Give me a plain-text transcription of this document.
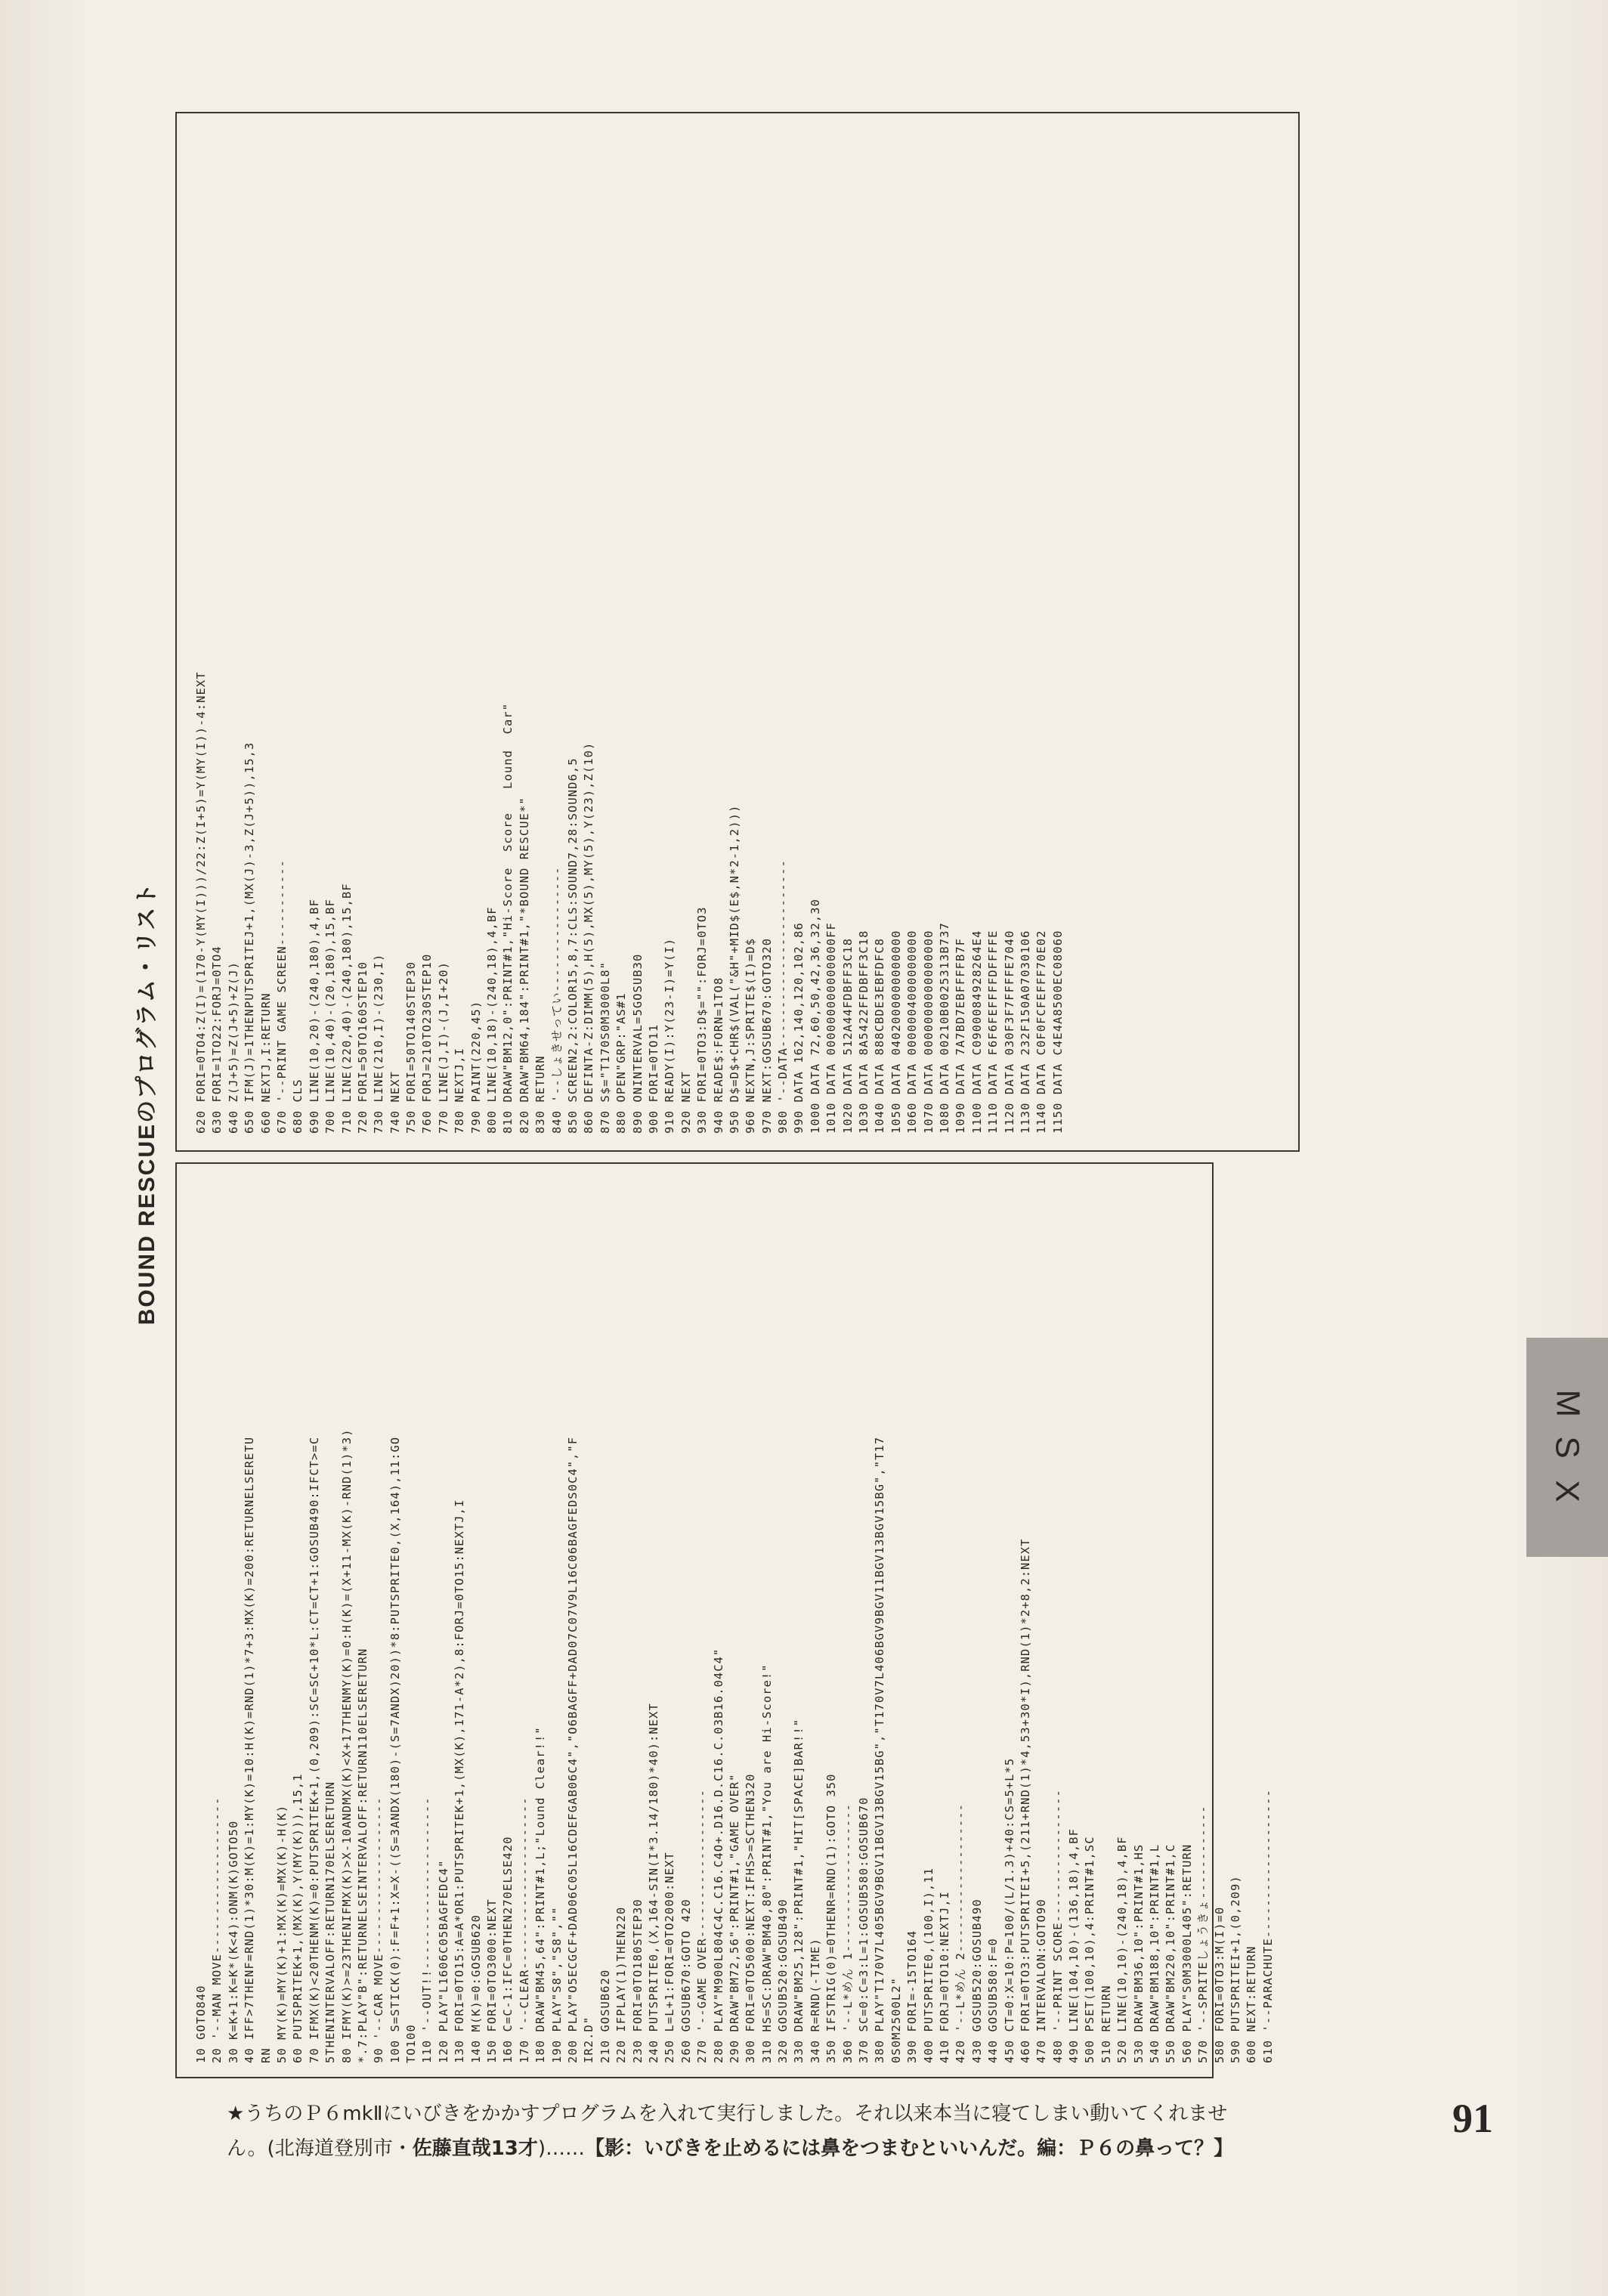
BOUND RESCUEのプログラム・リスト	620 FORI=0TO4:Z(I)=(170-Y(MY(I)))/22:Z(I+5)=Y(MY(I))-4:NEXT 630 FORI=1TO22:FORJ=0TO4 640 Z(J+5)=Z(J+5)+Z(J) 650 IFM(J)=1THENPUTSPRITEJ+1,(MX(J)-3,Z(J+5)),15,3 660 NEXTJ,I:RETURN 670 '--PRINT GAME SCREEN----------- 680 CLS 690 LINE(10,20)-(240,180),4,BF 700 LINE(10,40)-(20,180),15,BF 710 LINE(220,40)-(240,180),15,BF 720 FORI=50TO160STEP10 730 LINE(210,I)-(230,I) 740 NEXT 750 FORI=50TO140STEP30 760 FORJ=210TO230STEP10 770 LINE(J,I)-(J,I+20) 780 NEXTJ,I 790 PAINT(220,45) 800 LINE(10,18)-(240,18),4,BF 810 DRAW"BM12,0":PRINT#1,"Hi-Score  Score   Lound  Car" 820 DRAW"BM64,184":PRINT#1,"*BOUND RESCUE*" 830 RETURN 840 '--しょきせってい---------------- 850 SCREEN2,2:COLOR15,8,7:CLS:SOUND7,28:SOUND6,5 860 DEFINTA-Z:DIMM(5),H(5),MX(5),MY(5),Y(23),Z(10) 870 S$="T170S0M3000L8" 880 OPEN"GRP:"AS#1 890 ONINTERVAL=5GOSUB30 900 FORI=0TO11 910 READY(I):Y(23-I)=Y(I) 920 NEXT 930 FORI=0TO3:D$="":FORJ=0TO3 940 READE$:FORN=1TO8 950 D$=D$+CHR$(VAL("&H"+MID$(E$,N*2-1,2))) 960 NEXTN,J:SPRITE$(I)=D$ 970 NEXT:GOSUB670:GOTO320 980 '--DATA------------------------ 990 DATA 162,140,120,102,86 1000 DATA 72,60,50,42,36,32,30 1010 DATA 000000000000000FF 1020 DATA 512A44FDBFF3C18 1030 DATA 8A5422FFDBFF3C18 1040 DATA 888CBDE3EBFDFC8 1050 DATA 0402000000000000 1060 DATA 0000004000000000 1070 DATA 0000000000000000 1080 DATA 00210B0025313B737 1090 DATA 7A7BD7EBFFFFB7F 1100 DATA C0900084928264E4 1110 DATA F6F6FEFFFFDFFFFE 1120 DATA 030F3F7FFFFE7040 1130 DATA 232F150A07030106 1140 DATA C0F0FCFEFFF70E02 1150 DATA C4E4A8500EC08060
10 GOTO840 20 '--MAN MOVE-------------------- 30 K=K+1:K=K*(K<4):ONM(K)GOTO50 40 IFF>7THENF=RND(1)*30:M(K)=1:MY(K)=10:H(K)=RND(1)*7+3:MX(K)=200:RETURNELSERETU RN 50 MY(K)=MY(K)+1:MX(K)=MX(K)-H(K) 60 PUTSPRITEK+1,(MX(K),Y(MY(K))),15,1 70 IFMX(K)<20THENM(K)=0:PUTSPRITEK+1,(0,209):SC=SC+10*L:CT=CT+1:GOSUB490:IFCT>=C 5THENINTERVALOFF:RETURN170ELSERETURN 80 IFMY(K)>=23THENIFMX(K)>X-10ANDMX(K)<X+17THENMY(K)=0:H(K)=(X+11-MX(K)-RND(1)*3) *.7:PLAY"B":RETURNELSEINTERVALOFF:RETURN110ELSERETURN 90 '--CAR MOVE-------------------- 100 S=STICK(0):F=F+1:X=X-((S=3ANDX(180)-(S=7ANDX)20))*8:PUTSPRITE0,(X,164),11:GO TO100 110 '--OUT!!---------------------- 120 PLAY"L1606C05BAGFEDC4" 130 FORI=0TO15:A=A*OR1:PUTSPRITEK+1,(MX(K),171-A*2),8:FORJ=0TO15:NEXTJ,I 140 M(K)=0:GOSUB620 150 FORI=0TO3000:NEXT 160 C=C-1:IFC=0THEN270ELSE420 170 '--CLEAR---------------------- 180 DRAW"BM45,64":PRINT#1,L;"Lound Clear!!" 190 PLAY"S8","S8","" 200 PLAY"O5ECGCF+DAD06C05L16CDEFGAB06C4","O6BAGFF+DAD07C07V9L16C06BAGFEDS0C4","F IR2.D" 210 GOSUB620 220 IFPLAY(1)THEN220 230 FORI=0TO180STEP30 240 PUTSPRITE0,(X,164-SIN(I*3.14/180)*40):NEXT 250 L=L+1:FORI=0TO2000:NEXT 260 GOSUB670:GOTO 420 270 '--GAME OVER------------------- 280 PLAY"M900L804C4C.C16.C4O+.D16.D.C16.C.03B16.04C4" 290 DRAW"BM72,56":PRINT#1,"GAME OVER" 300 FORI=0TO5000:NEXT:IFHS>=SCTHEN320 310 HS=SC:DRAW"BM40,80":PRINT#1,"You are Hi-Score!" 320 GOSUB520:GOSUB490 330 DRAW"BM25,128":PRINT#1,"HIT[SPACE]BAR!!" 340 R=RND(-TIME) 350 IFSTRIG(0)=0THENR=RND(1):GOTO 350 360 '--L*めん 1------------------- 370 SC=0:C=3:L=1:GOSUB580:GOSUB670 380 PLAY"T170V7L405BGV9BGV11BGV13BGV15BG","T170V7L406BGV9BGV11BGV13BGV15BG","T17 0S0M2500L2" 390 FORI=-15TO164 400 PUTSPRITE0,(100,I),11 410 FORJ=0TO10:NEXTJ,I 420 '--L*めん 2------------------- 430 GOSUB520:GOSUB490 440 GOSUB580:F=0 450 CT=0:X=10:P=100/(L/1.3)+40:CS=5+L*5 460 FORI=0TO3:PUTSPRITEI+5,(211+RND(1)*4,53+30*I),RND(1)*2+8,2:NEXT 470 INTERVALON:GOTO90 480 '--PRINT SCORE----------------- 490 LINE(104,10)-(136,18),4,BF 500 PSET(100,10),4:PRINT#1,SC 510 RETURN 520 LINE(10,10)-(240,18),4,BF 530 DRAW"BM36,10":PRINT#1,HS 540 DRAW"BM188,10":PRINT#1,L 550 DRAW"BM220,10":PRINT#1,C 560 PLAY"S0M3000L405":RETURN 570 '--SPRITEしょうきょ------------ 580 FORI=0TO3:M(I)=0 590 PUTSPRITEI+1,(0,209) 600 NEXT:RETURN 610 '--PARACHUTE-------------------
M
S
X
★うちのＰ６mkⅡにいびきをかかすプログラムを入れて実行しました。それ以来本当に寝てしまい動いてくれませ
ん。(北海道登別市・佐藤直哉13才)……【影：いびきを止めるには鼻をつまむといいんだ。編：Ｐ６の鼻って？】
91
